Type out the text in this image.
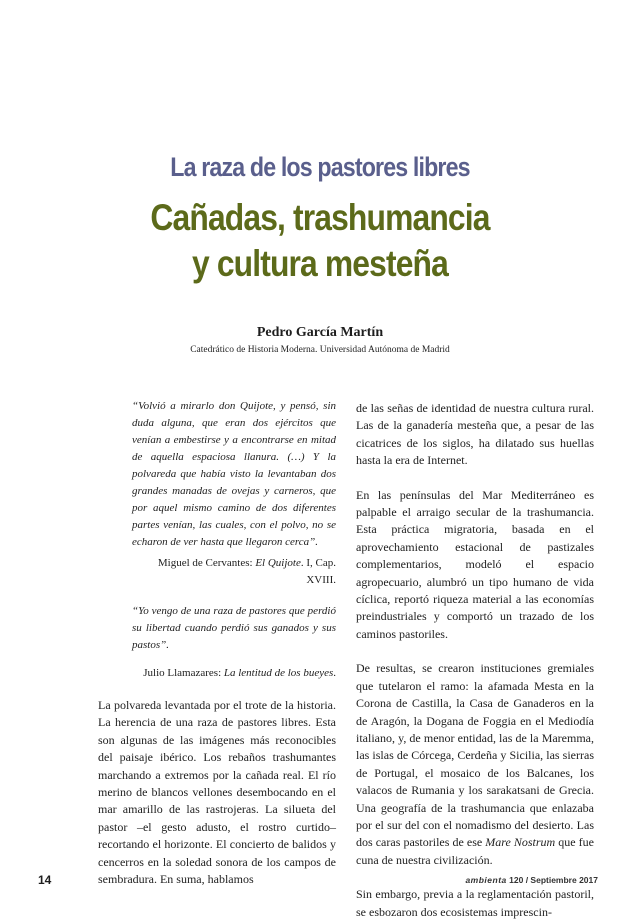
La raza de los pastores libres
Cañadas, trashumancia
y cultura mesteña
Pedro García Martín
Catedrático de Historia Moderna. Universidad Autónoma de Madrid
“Volvió a mirarlo don Quijote, y pensó, sin duda alguna, que eran dos ejércitos que venían a embestirse y a encontrarse en mitad de aquella espaciosa llanura. (…) Y la polvareda que había visto la levantaban dos grandes manadas de ovejas y carneros, que por aquel mismo camino de dos diferentes partes venían, las cuales, con el polvo, no se echaron de ver hasta que llegaron cerca”.
Miguel de Cervantes: El Quijote. I, Cap. XVIII.
“Yo vengo de una raza de pastores que perdió su libertad cuando perdió sus ganados y sus pastos”.
Julio Llamazares: La lentitud de los bueyes.

La polvareda levantada por el trote de la historia. La herencia de una raza de pastores libres. Esta son algunas de las imágenes más reconocibles del paisaje ibérico. Los rebaños trashumantes marchando a extremos por la cañada real. El río merino de blancos vellones desembocando en el mar amarillo de las rastrojeras. La silueta del pastor –el gesto adusto, el rostro curtido– recortando el horizonte. El concierto de balidos y cencerros en la soledad sonora de los campos de sembradura. En suma, hablamos

de las señas de identidad de nuestra cultura rural. Las de la ganadería mesteña que, a pesar de las cicatrices de los siglos, ha dilatado sus huellas hasta la era de Internet.

En las penínsulas del Mar Mediterráneo es palpable el arraigo secular de la trashumancia. Esta práctica migratoria, basada en el aprovechamiento estacional de pastizales complementarios, modeló el espacio agropecuario, alumbró un tipo humano de vida cíclica, reportó riqueza material a las economías preindustriales y comportó un trazado de los caminos pastoriles.

De resultas, se crearon instituciones gremiales que tutelaron el ramo: la afamada Mesta en la Corona de Castilla, la Casa de Ganaderos en la de Aragón, la Dogana de Foggia en el Mediodía italiano, y, de menor entidad, las de la Maremma, las islas de Córcega, Cerdeña y Sicilia, las sierras de Portugal, el mosaico de los Balcanes, los valacos de Rumania y los sarakatsani de Grecia. Una geografía de la trashumancia que enlazaba por el sur del con el nomadismo del desierto. Las dos caras pastoriles de ese Mare Nostrum que fue cuna de nuestra civilización.

Sin embargo, previa a la reglamentación pastoril, se esbozaron dos ecosistemas imprescin-

14	ambienta 120 / Septiembre 2017
